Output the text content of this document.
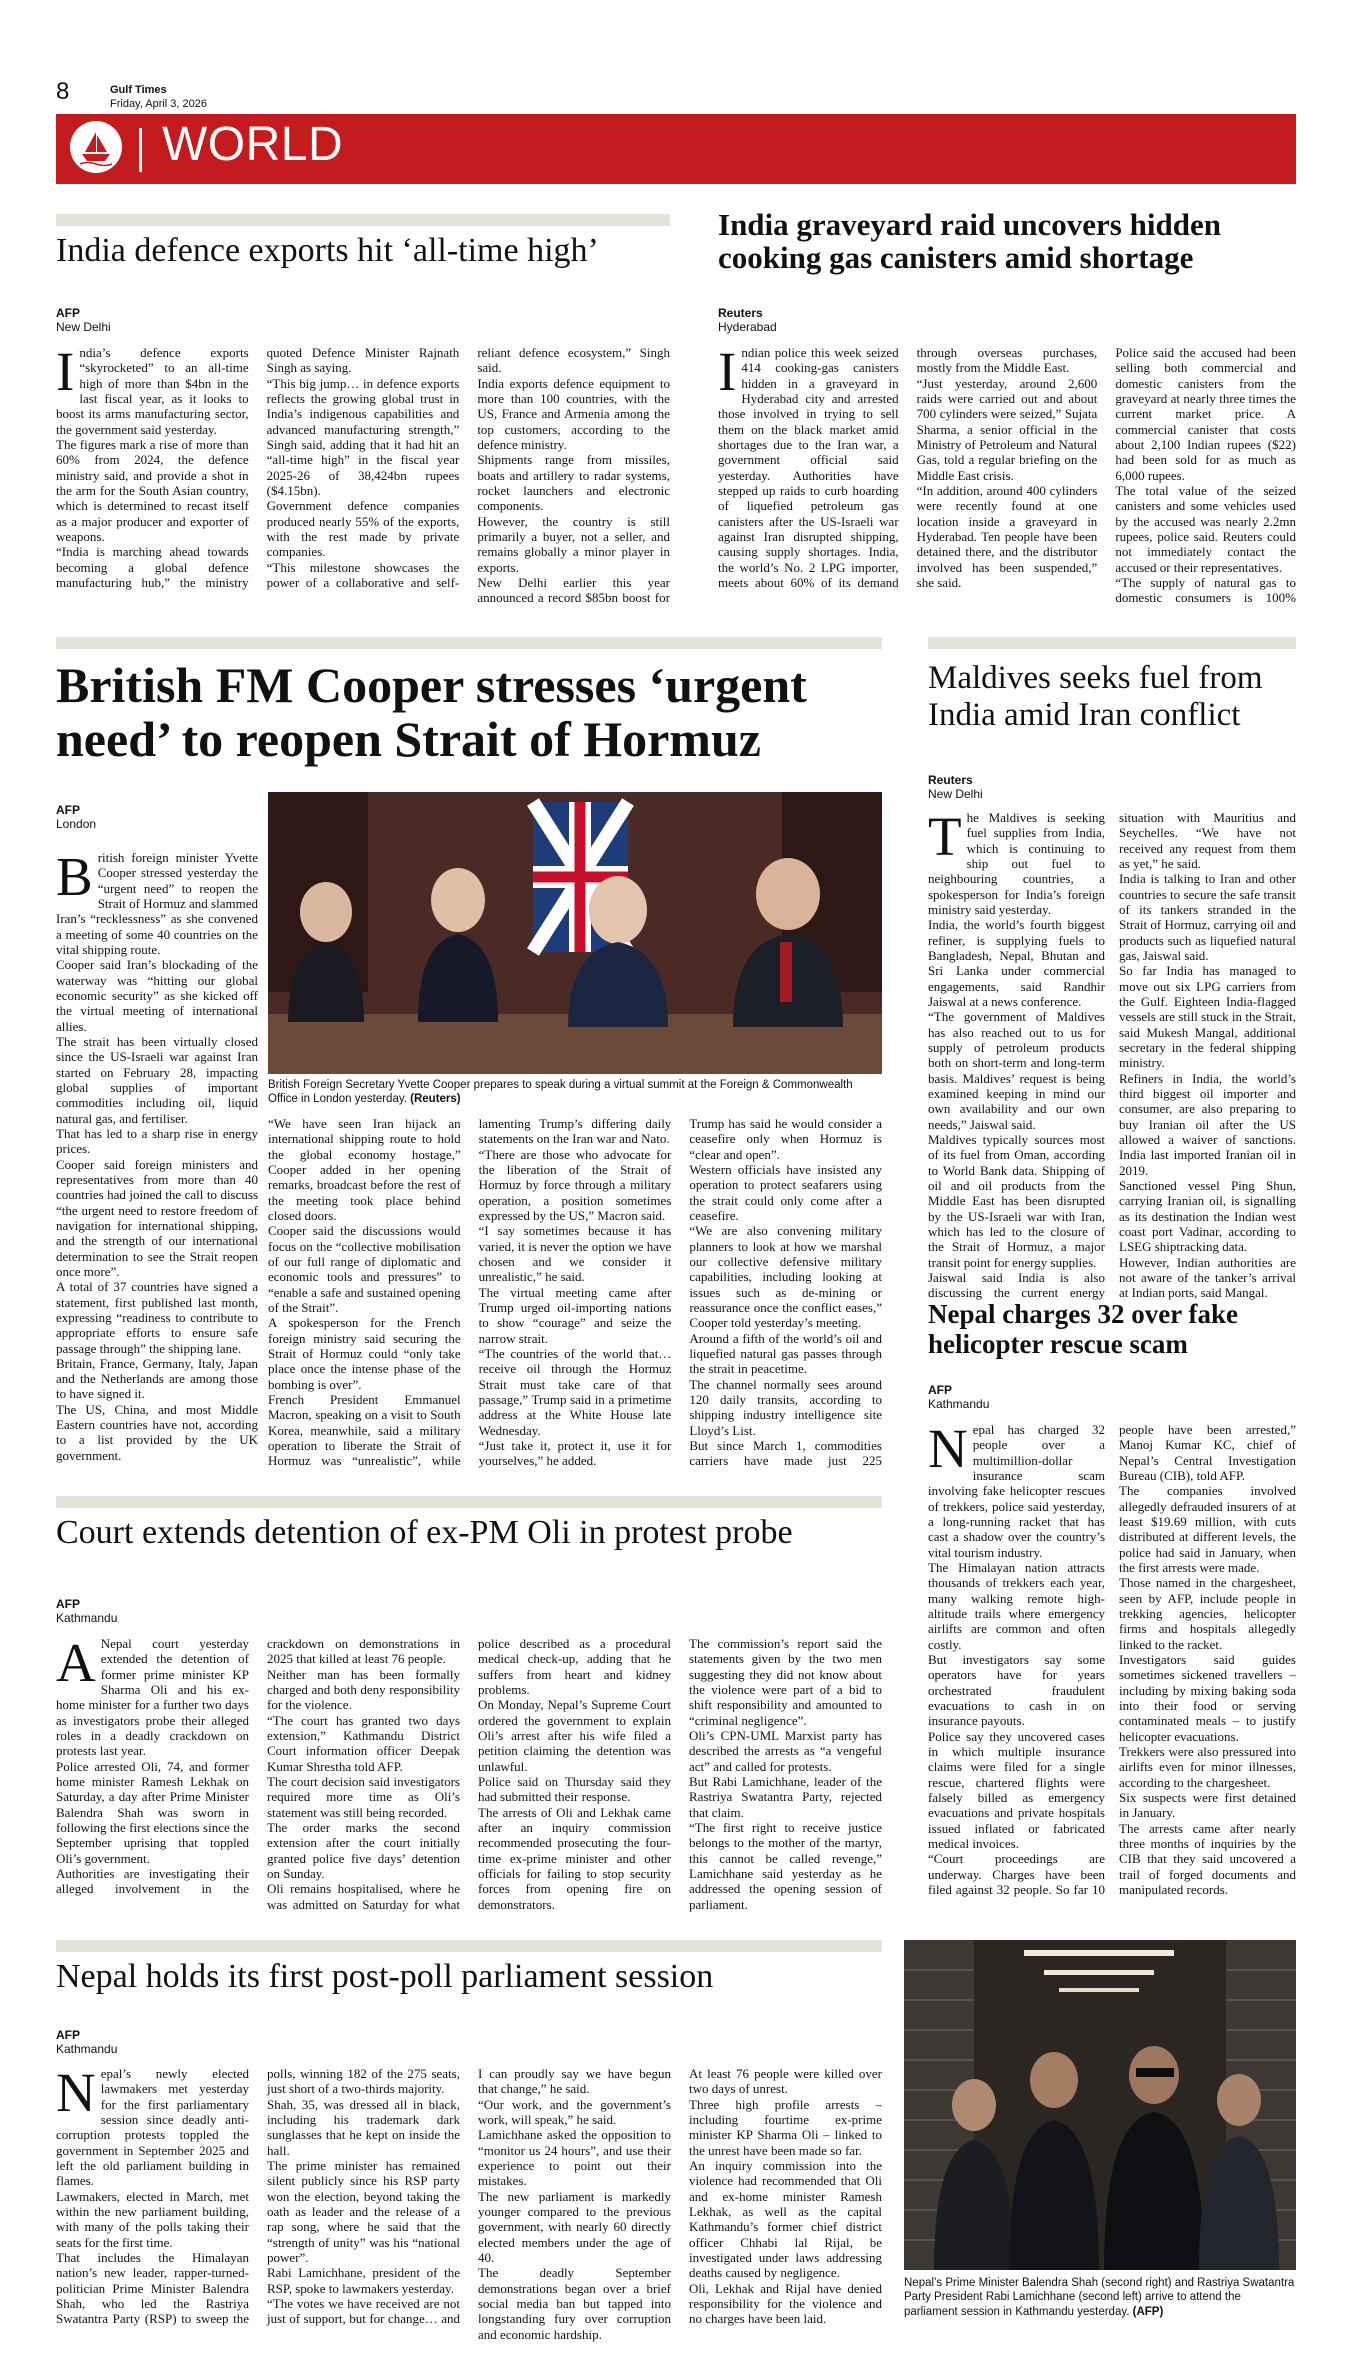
8	Gulf Times
Friday, April 3, 2026
WORLD
India defence exports hit ‘all-time high’
AFP
New Delhi
I ndia’s defence exports “skyrocketed” to an all-time high of more than $4bn in the last fiscal year, as it looks to boost its arms manufacturing sector, the government said yesterday.

The figures mark a rise of more than 60% from 2024, the defence ministry said, and provide a shot in the arm for the South Asian country, which is determined to recast itself as a major producer and exporter of weapons.

“India is marching ahead towards becoming a global defence manufacturing hub,” the ministry quoted Defence Minister Rajnath Singh as saying.

“This big jump… in defence exports reflects the growing global trust in India’s indigenous capabilities and advanced manufacturing strength,” Singh said, adding that it had hit an “all-time high” in the fiscal year 2025-26 of 38,424bn rupees ($4.15bn).

Government defence companies produced nearly 55% of the exports, with the rest made by private companies.

“This milestone showcases the power of a collaborative and self-reliant defence ecosystem,” Singh said.

India exports defence equipment to more than 100 countries, with the US, France and Armenia among the top customers, according to the defence ministry.

Shipments range from missiles, boats and artillery to radar systems, rocket launchers and electronic components.

However, the country is still primarily a buyer, not a seller, and remains globally a minor player in exports.

New Delhi earlier this year announced a record $85bn boost for

India graveyard raid uncovers hidden cooking gas canisters amid shortage
Reuters
Hyderabad
I ndian police this week seized 414 cooking-gas canisters hidden in a graveyard in Hyderabad city and arrested those involved in trying to sell them on the black market amid shortages due to the Iran war, a government official said yesterday. Authorities have stepped up raids to curb hoarding of liquefied petroleum gas canisters after the US-Israeli war against Iran disrupted shipping, causing supply shortages. India, the world’s No. 2 LPG importer, meets about 60% of its demand through overseas purchases, mostly from the Middle East.

“Just yesterday, around 2,600 raids were carried out and about 700 cylinders were seized,” Sujata Sharma, a senior official in the Ministry of Petroleum and Natural Gas, told a regular briefing on the Middle East crisis.

“In addition, around 400 cylinders were recently found at one location inside a graveyard in Hyderabad. Ten people have been detained there, and the distributor involved has been suspended,” she said.

Police said the accused had been selling both commercial and domestic canisters from the graveyard at nearly three times the current market price. A commercial canister that costs about 2,100 Indian rupees ($22) had been sold for as much as 6,000 rupees.

The total value of the seized canisters and some vehicles used by the accused was nearly 2.2mn rupees, police said. Reuters could not immediately contact the accused or their representatives.

“The supply of natural gas to domestic consumers is 100%

British FM Cooper stresses ‘urgent need’ to reopen Strait of Hormuz
AFP
London
B ritish foreign minister Yvette Cooper stressed yesterday the “urgent need” to reopen the Strait of Hormuz and slammed Iran’s “recklessness” as she convened a meeting of some 40 countries on the vital shipping route.

Cooper said Iran’s blockading of the waterway was “hitting our global economic security” as she kicked off the virtual meeting of international allies.

The strait has been virtually closed since the US-Israeli war against Iran started on February 28, impacting global supplies of important commodities including oil, liquid natural gas, and fertiliser.

That has led to a sharp rise in energy prices.

Cooper said foreign ministers and representatives from more than 40 countries had joined the call to discuss “the urgent need to restore freedom of navigation for international shipping, and the strength of our international determination to see the Strait reopen once more”.

A total of 37 countries have signed a statement, first published last month, expressing “readiness to contribute to appropriate efforts to ensure safe passage through” the shipping lane.

Britain, France, Germany, Italy, Japan and the Netherlands are among those to have signed it.

The US, China, and most Middle Eastern countries have not, according to a list provided by the UK government.

British Foreign Secretary Yvette Cooper prepares to speak during a virtual summit at the Foreign & Commonwealth Office in London yesterday. (Reuters)

“We have seen Iran hijack an international shipping route to hold the global economy hostage,” Cooper added in her opening remarks, broadcast before the rest of the meeting took place behind closed doors.

Cooper said the discussions would focus on the “collective mobilisation of our full range of diplomatic and economic tools and pressures” to “enable a safe and sustained opening of the Strait”.

A spokesperson for the French foreign ministry said securing the Strait of Hormuz could “only take place once the intense phase of the bombing is over”.

French President Emmanuel Macron, speaking on a visit to South Korea, meanwhile, said a military operation to liberate the Strait of Hormuz was “unrealistic”, while lamenting Trump’s differing daily statements on the Iran war and Nato.

“There are those who advocate for the liberation of the Strait of Hormuz by force through a military operation, a position sometimes expressed by the US,” Macron said.

“I say sometimes because it has varied, it is never the option we have chosen and we consider it unrealistic,” he said.

The virtual meeting came after Trump urged oil-importing nations to show “courage” and seize the narrow strait.

“The countries of the world that… receive oil through the Hormuz Strait must take care of that passage,” Trump said in a primetime address at the White House late Wednesday.

“Just take it, protect it, use it for yourselves,” he added.

Trump has said he would consider a ceasefire only when Hormuz is “clear and open”.

Western officials have insisted any operation to protect seafarers using the strait could only come after a ceasefire.

“We are also convening military planners to look at how we marshal our collective defensive military capabilities, including looking at issues such as de-mining or reassurance once the conflict eases,” Cooper told yesterday’s meeting.

Around a fifth of the world’s oil and liquefied natural gas passes through the strait in peacetime.

The channel normally sees around 120 daily transits, according to shipping industry intelligence site Lloyd’s List.

But since March 1, commodities carriers have made just 225

Maldives seeks fuel from India amid Iran conflict
Reuters
New Delhi
T he Maldives is seeking fuel supplies from India, which is continuing to ship out fuel to neighbouring countries, a spokesperson for India’s foreign ministry said yesterday.

India, the world’s fourth biggest refiner, is supplying fuels to Bangladesh, Nepal, Bhutan and Sri Lanka under commercial engagements, said Randhir Jaiswal at a news conference.

“The government of Maldives has also reached out to us for supply of petroleum products both on short-term and long-term basis. Maldives’ request is being examined keeping in mind our own availability and our own needs,” Jaiswal said.

Maldives typically sources most of its fuel from Oman, according to World Bank data. Shipping of oil and oil products from the Middle East has been disrupted by the US-Israeli war with Iran, which has led to the closure of the Strait of Hormuz, a major transit point for energy supplies.

Jaiswal said India is also discussing the current energy situation with Mauritius and Seychelles. “We have not received any request from them as yet,” he said.

India is talking to Iran and other countries to secure the safe transit of its tankers stranded in the Strait of Hormuz, carrying oil and products such as liquefied natural gas, Jaiswal said.

So far India has managed to move out six LPG carriers from the Gulf. Eighteen India-flagged vessels are still stuck in the Strait, said Mukesh Mangal, additional secretary in the federal shipping ministry.

Refiners in India, the world’s third biggest oil importer and consumer, are also preparing to buy Iranian oil after the US allowed a waiver of sanctions. India last imported Iranian oil in 2019.

Sanctioned vessel Ping Shun, carrying Iranian oil, is signalling as its destination the Indian west coast port Vadinar, according to LSEG shiptracking data.

However, Indian authorities are not aware of the tanker’s arrival at Indian ports, said Mangal.

Nepal charges 32 over fake helicopter rescue scam
AFP
Kathmandu
N epal has charged 32 people over a multimillion-dollar insurance scam involving fake helicopter rescues of trekkers, police said yesterday, a long-running racket that has cast a shadow over the country’s vital tourism industry.

The Himalayan nation attracts thousands of trekkers each year, many walking remote high-altitude trails where emergency airlifts are common and often costly.

But investigators say some operators have for years orchestrated fraudulent evacuations to cash in on insurance payouts.

Police say they uncovered cases in which multiple insurance claims were filed for a single rescue, chartered flights were falsely billed as emergency evacuations and private hospitals issued inflated or fabricated medical invoices.

“Court proceedings are underway. Charges have been filed against 32 people. So far 10 people have been arrested,” Manoj Kumar KC, chief of Nepal’s Central Investigation Bureau (CIB), told AFP.

The companies involved allegedly defrauded insurers of at least $19.69 million, with cuts distributed at different levels, the police had said in January, when the first arrests were made.

Those named in the chargesheet, seen by AFP, include people in trekking agencies, helicopter firms and hospitals allegedly linked to the racket.

Investigators said guides sometimes sickened travellers – including by mixing baking soda into their food or serving contaminated meals – to justify helicopter evacuations.

Trekkers were also pressured into airlifts even for minor illnesses, according to the chargesheet.

Six suspects were first detained in January.

The arrests came after nearly three months of inquiries by the CIB that they said uncovered a trail of forged documents and manipulated records.

Court extends detention of ex-PM Oli in protest probe
AFP
Kathmandu
A Nepal court yesterday extended the detention of former prime minister KP Sharma Oli and his ex-home minister for a further two days as investigators probe their alleged roles in a deadly crackdown on protests last year.

Police arrested Oli, 74, and former home minister Ramesh Lekhak on Saturday, a day after Prime Minister Balendra Shah was sworn in following the first elections since the September uprising that toppled Oli’s government.

Authorities are investigating their alleged involvement in the crackdown on demonstrations in 2025 that killed at least 76 people.

Neither man has been formally charged and both deny responsibility for the violence.

“The court has granted two days extension,” Kathmandu District Court information officer Deepak Kumar Shrestha told AFP.

The court decision said investigators required more time as Oli’s statement was still being recorded.

The order marks the second extension after the court initially granted police five days’ detention on Sunday.

Oli remains hospitalised, where he was admitted on Saturday for what police described as a procedural medical check-up, adding that he suffers from heart and kidney problems.

On Monday, Nepal’s Supreme Court ordered the government to explain Oli’s arrest after his wife filed a petition claiming the detention was unlawful.

Police said on Thursday said they had submitted their response.

The arrests of Oli and Lekhak came after an inquiry commission recommended prosecuting the four-time ex-prime minister and other officials for failing to stop security forces from opening fire on demonstrators.

The commission’s report said the statements given by the two men suggesting they did not know about the violence were part of a bid to shift responsibility and amounted to “criminal negligence”.

Oli’s CPN-UML Marxist party has described the arrests as “a vengeful act” and called for protests.

But Rabi Lamichhane, leader of the Rastriya Swatantra Party, rejected that claim.

“The first right to receive justice belongs to the mother of the martyr, this cannot be called revenge,” Lamichhane said yesterday as he addressed the opening session of parliament.

Nepal holds its first post-poll parliament session
AFP
Kathmandu
N epal’s newly elected lawmakers met yesterday for the first parliamentary session since deadly anti-corruption protests toppled the government in September 2025 and left the old parliament building in flames.

Lawmakers, elected in March, met within the new parliament building, with many of the polls taking their seats for the first time.

That includes the Himalayan nation’s new leader, rapper-turned-politician Prime Minister Balendra Shah, who led the Rastriya Swatantra Party (RSP) to sweep the polls, winning 182 of the 275 seats, just short of a two-thirds majority.

Shah, 35, was dressed all in black, including his trademark dark sunglasses that he kept on inside the hall.

The prime minister has remained silent publicly since his RSP party won the election, beyond taking the oath as leader and the release of a rap song, where he said that the “strength of unity” was his “national power”.

Rabi Lamichhane, president of the RSP, spoke to lawmakers yesterday.

“The votes we have received are not just of support, but for change… and I can proudly say we have begun that change,” he said.

“Our work, and the government’s work, will speak,” he said.

Lamichhane asked the opposition to “monitor us 24 hours”, and use their experience to point out their mistakes.

The new parliament is markedly younger compared to the previous government, with nearly 60 directly elected members under the age of 40.

The deadly September demonstrations began over a brief social media ban but tapped into longstanding fury over corruption and economic hardship.

At least 76 people were killed over two days of unrest.

Three high profile arrests – including fourtime ex-prime minister KP Sharma Oli – linked to the unrest have been made so far.

An inquiry commission into the violence had recommended that Oli and ex-home minister Ramesh Lekhak, as well as the capital Kathmandu’s former chief district officer Chhabi lal Rijal, be investigated under laws addressing deaths caused by negligence.

Oli, Lekhak and Rijal have denied responsibility for the violence and no charges have been laid.

Nepal’s Prime Minister Balendra Shah (second right) and Rastriya Swatantra Party President Rabi Lamichhane (second left) arrive to attend the parliament session in Kathmandu yesterday. (AFP)
